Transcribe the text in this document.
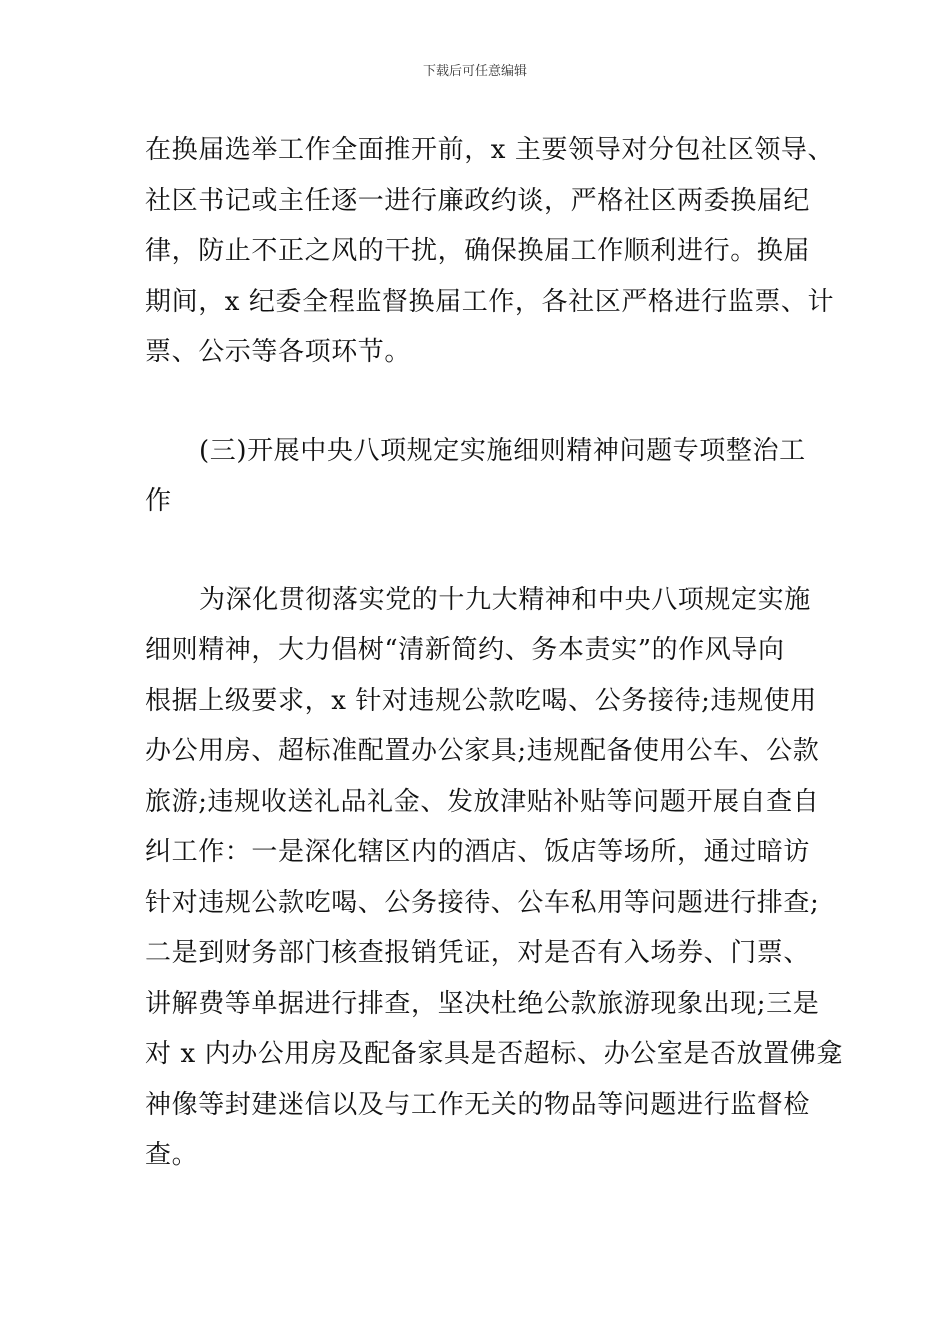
下载后可任意编辑

在换届选举工作全面推开前，x 主要领导对分包社区领导、
社区书记或主任逐一进行廉政约谈，严格社区两委换届纪
律，防止不正之风的干扰，确保换届工作顺利进行。换届
期间，x 纪委全程监督换届工作，各社区严格进行监票、计
票、公示等各项环节。

(三)开展中央八项规定实施细则精神问题专项整治工
作

为深化贯彻落实党的十九大精神和中央八项规定实施
细则精神，大力倡树“清新简约、务本责实”的作风导向
根据上级要求，x 针对违规公款吃喝、公务接待;违规使用
办公用房、超标准配置办公家具;违规配备使用公车、公款
旅游;违规收送礼品礼金、发放津贴补贴等问题开展自查自
纠工作：一是深化辖区内的酒店、饭店等场所，通过暗访
针对违规公款吃喝、公务接待、公车私用等问题进行排查;
二是到财务部门核查报销凭证，对是否有入场券、门票、
讲解费等单据进行排查，坚决杜绝公款旅游现象出现;三是
对 x 内办公用房及配备家具是否超标、办公室是否放置佛龛
神像等封建迷信以及与工作无关的物品等问题进行监督检
查。
